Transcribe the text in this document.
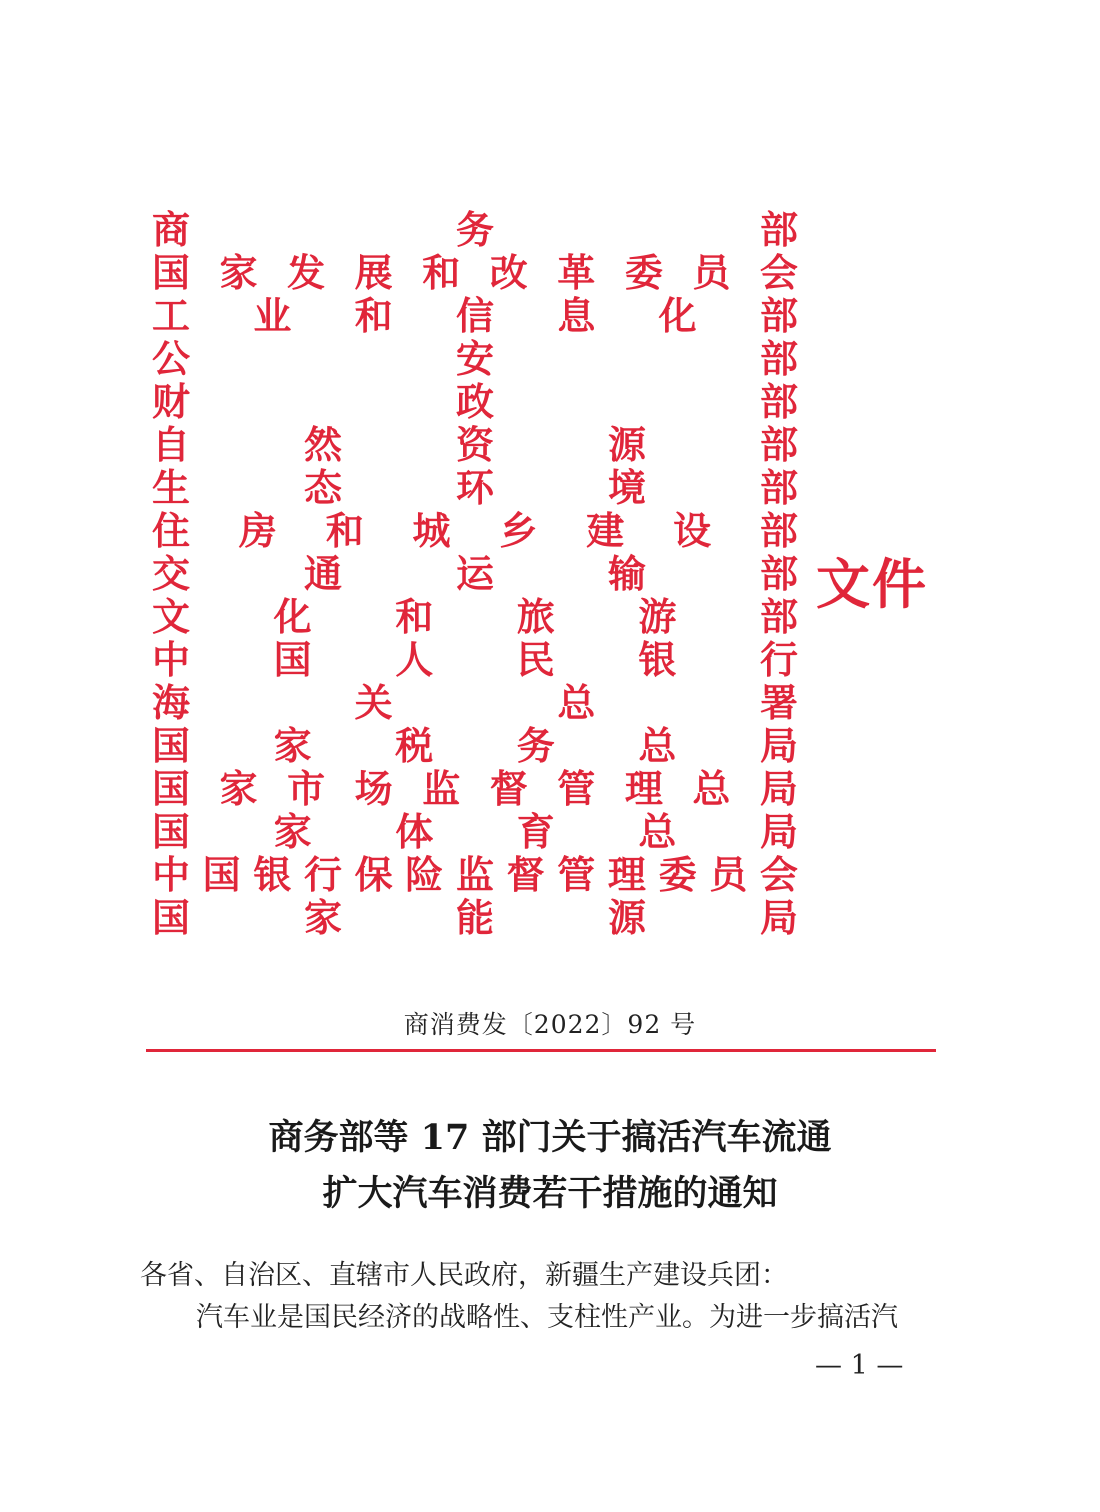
商	务	部
国 家 发 展 和 改 革 委 员 会
工 业 和 信 息 化 部
公	安	部
财	政	部
自	然	资	源	部
生	态	环	境	部
住 房 和 城 乡 建 设 部
交	通	运	输	部
文 化 和 旅 游 部
中 国 人 民 银 行
海	关	总	署
国 家 税 务 总 局
国 家 市 场 监 督 管 理 总 局
国 家 体 育 总 局
中 国 银 行 保 险 监 督 管 理 委 员 会
国	家	能	源	局
文件
商消费发〔2022〕92 号
商务部等 17 部门关于搞活汽车流通
扩大汽车消费若干措施的通知
各省、自治区、直辖市人民政府，新疆生产建设兵团：
汽车业是国民经济的战略性、支柱性产业。为进一步搞活汽
— 1 —
